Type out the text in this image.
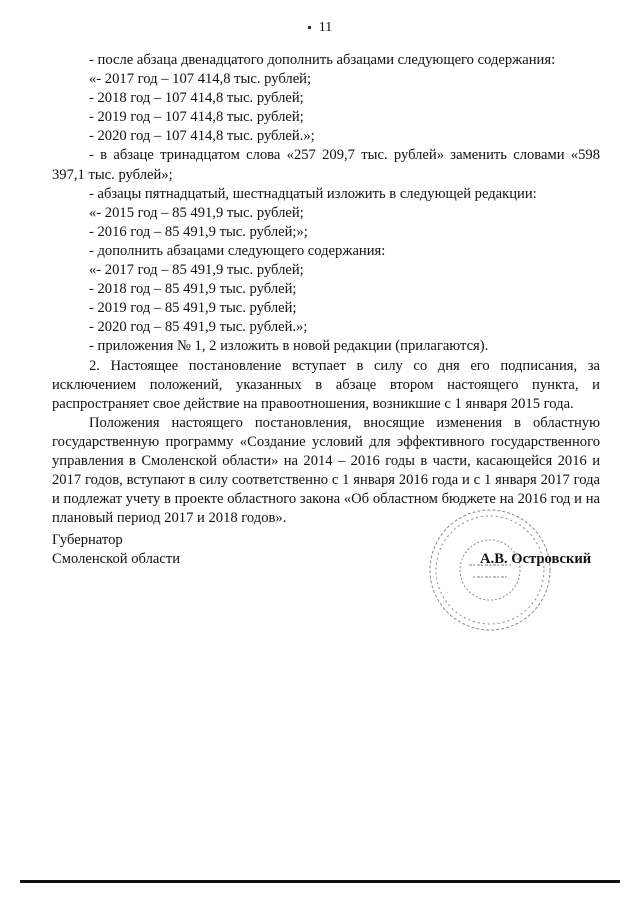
11
- после абзаца двенадцатого дополнить абзацами следующего содержания:
«- 2017 год – 107 414,8 тыс. рублей;
- 2018 год – 107 414,8 тыс. рублей;
- 2019 год – 107 414,8 тыс. рублей;
- 2020 год – 107 414,8 тыс. рублей.»;

- в абзаце тринадцатом слова «257 209,7 тыс. рублей» заменить словами «598 397,1 тыс. рублей»;

- абзацы пятнадцатый, шестнадцатый изложить в следующей редакции:
«- 2015 год – 85 491,9 тыс. рублей;
- 2016 год – 85 491,9 тыс. рублей;»;
- дополнить абзацами следующего содержания:
«- 2017 год – 85 491,9 тыс. рублей;
- 2018 год – 85 491,9 тыс. рублей;
- 2019 год – 85 491,9 тыс. рублей;
- 2020 год – 85 491,9 тыс. рублей.»;
- приложения № 1, 2 изложить в новой редакции (прилагаются).

2. Настоящее постановление вступает в силу со дня его подписания, за исключением положений, указанных в абзаце втором настоящего пункта, и распространяет свое действие на правоотношения, возникшие с 1 января 2015 года.

Положения настоящего постановления, вносящие изменения в областную государственную программу «Создание условий для эффективного государственного управления в Смоленской области» на 2014 – 2016 годы в части, касающейся 2016 и 2017 годов, вступают в силу соответственно с 1 января 2016 года и с 1 января 2017 года и подлежат учету в проекте областного закона «Об областном бюджете на 2016 год и на плановый период 2017 и 2018 годов».

Губернатор
Смоленской области	А.В. Островский
